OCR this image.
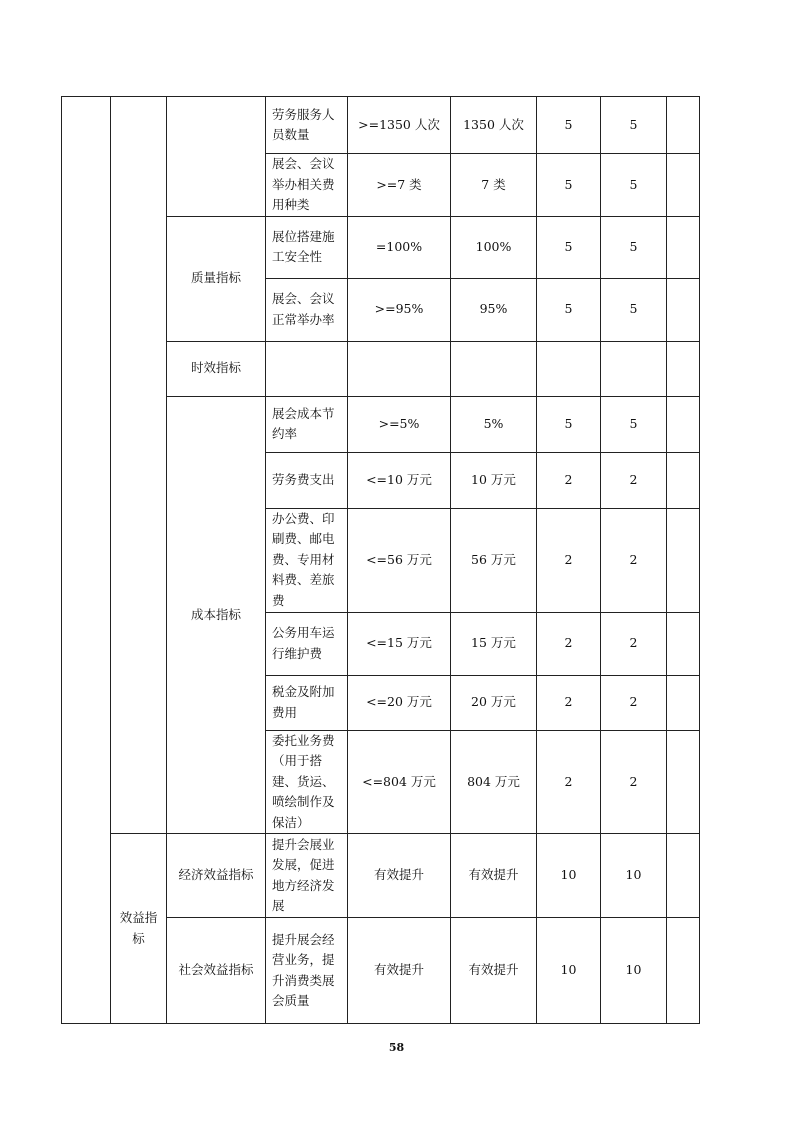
			劳务服务人员数量	>=1350 人次	1350 人次	5	5	
			展会、会议举办相关费用种类	>=7 类	7 类	5	5	
		质量指标	展位搭建施工安全性	=100%	100%	5	5	
			展会、会议正常举办率	>=95%	95%	5	5	
		时效指标						
		成本指标	展会成本节约率	>=5%	5%	5	5	
			劳务费支出	<=10 万元	10 万元	2	2	
			办公费、印刷费、邮电费、专用材料费、差旅费	<=56 万元	56 万元	2	2	
			公务用车运行维护费	<=15 万元	15 万元	2	2	
			税金及附加费用	<=20 万元	20 万元	2	2	
			委托业务费（用于搭建、货运、喷绘制作及保洁）	<=804 万元	804 万元	2	2	
	效益指标	经济效益指标	提升会展业发展，促进地方经济发展	有效提升	有效提升	10	10	
		社会效益指标	提升展会经营业务，提升消费类展会质量	有效提升	有效提升	10	10	
58
